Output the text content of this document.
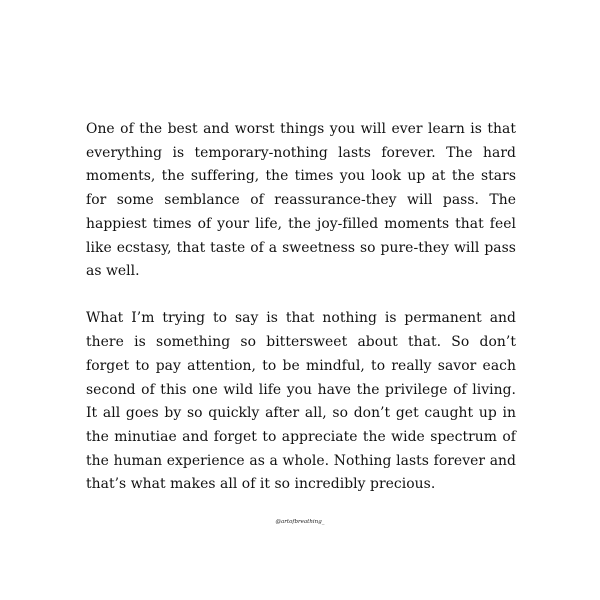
One of the best and worst things you will ever learn is that everything is temporary-nothing lasts forever. The hard moments, the suffering, the times you look up at the stars for some semblance of reassurance-they will pass. The happiest times of your life, the joy-filled moments that feel like ecstasy, that taste of a sweetness so pure-they will pass as well.

What I’m trying to say is that nothing is permanent and there is something so bittersweet about that. So don’t forget to pay attention, to be mindful, to really savor each second of this one wild life you have the privilege of living. It all goes by so quickly after all, so don’t get caught up in the minutiae and forget to appreciate the wide spectrum of the human experience as a whole. Nothing lasts forever and that’s what makes all of it so incredibly precious.

@artofbreathing_
